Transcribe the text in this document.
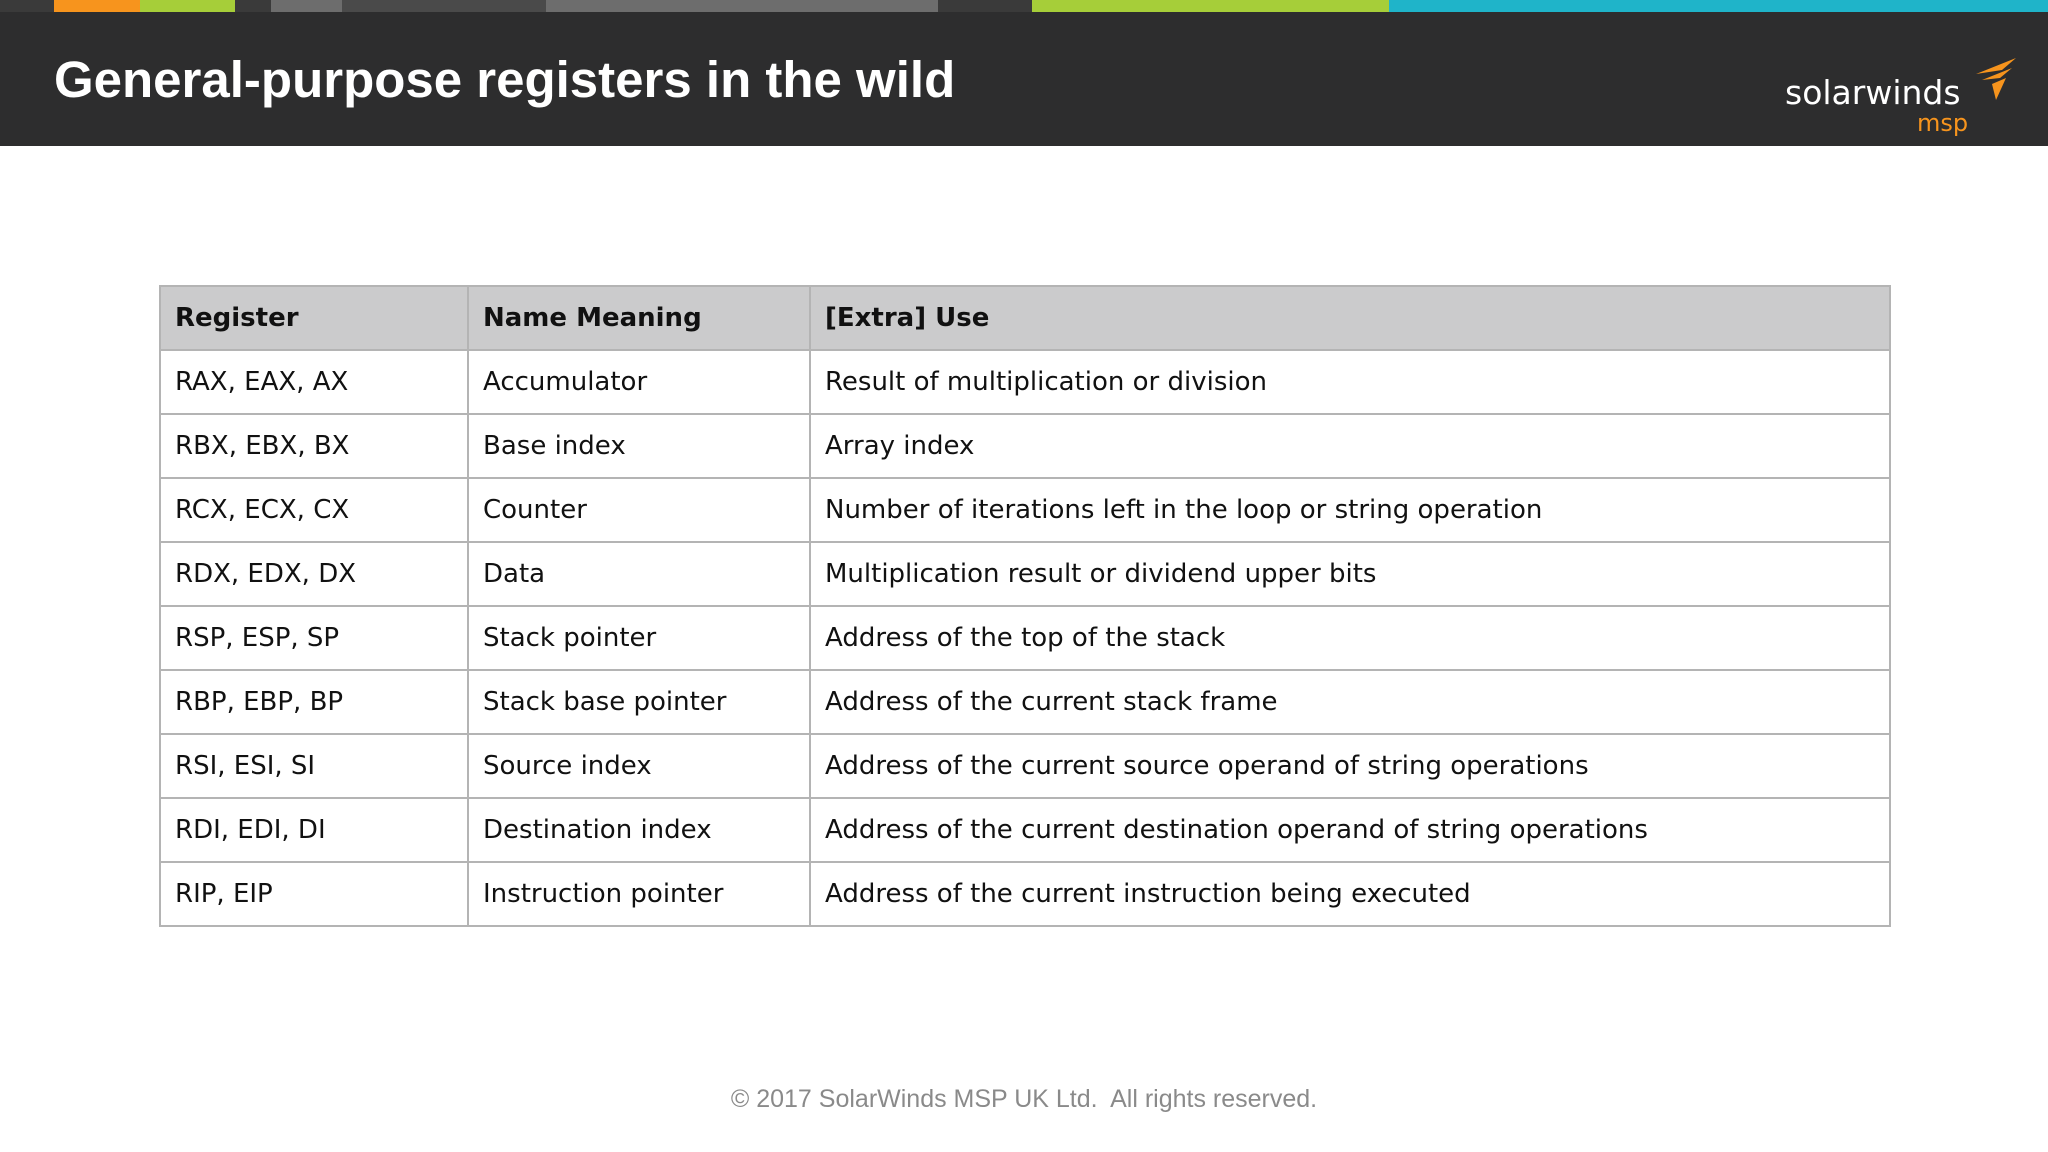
General-purpose registers in the wild	solarwinds
msp
Register	Name Meaning	[Extra] Use
RAX, EAX, AX	Accumulator	Result of multiplication or division
RBX, EBX, BX	Base index	Array index
RCX, ECX, CX	Counter	Number of iterations left in the loop or string operation
RDX, EDX, DX	Data	Multiplication result or dividend upper bits
RSP, ESP, SP	Stack pointer	Address of the top of the stack
RBP, EBP, BP	Stack base pointer	Address of the current stack frame
RSI, ESI, SI	Source index	Address of the current source operand of string operations
RDI, EDI, DI	Destination index	Address of the current destination operand of string operations
RIP, EIP	Instruction pointer	Address of the current instruction being executed
© 2017 SolarWinds MSP UK Ltd.  All rights reserved.
